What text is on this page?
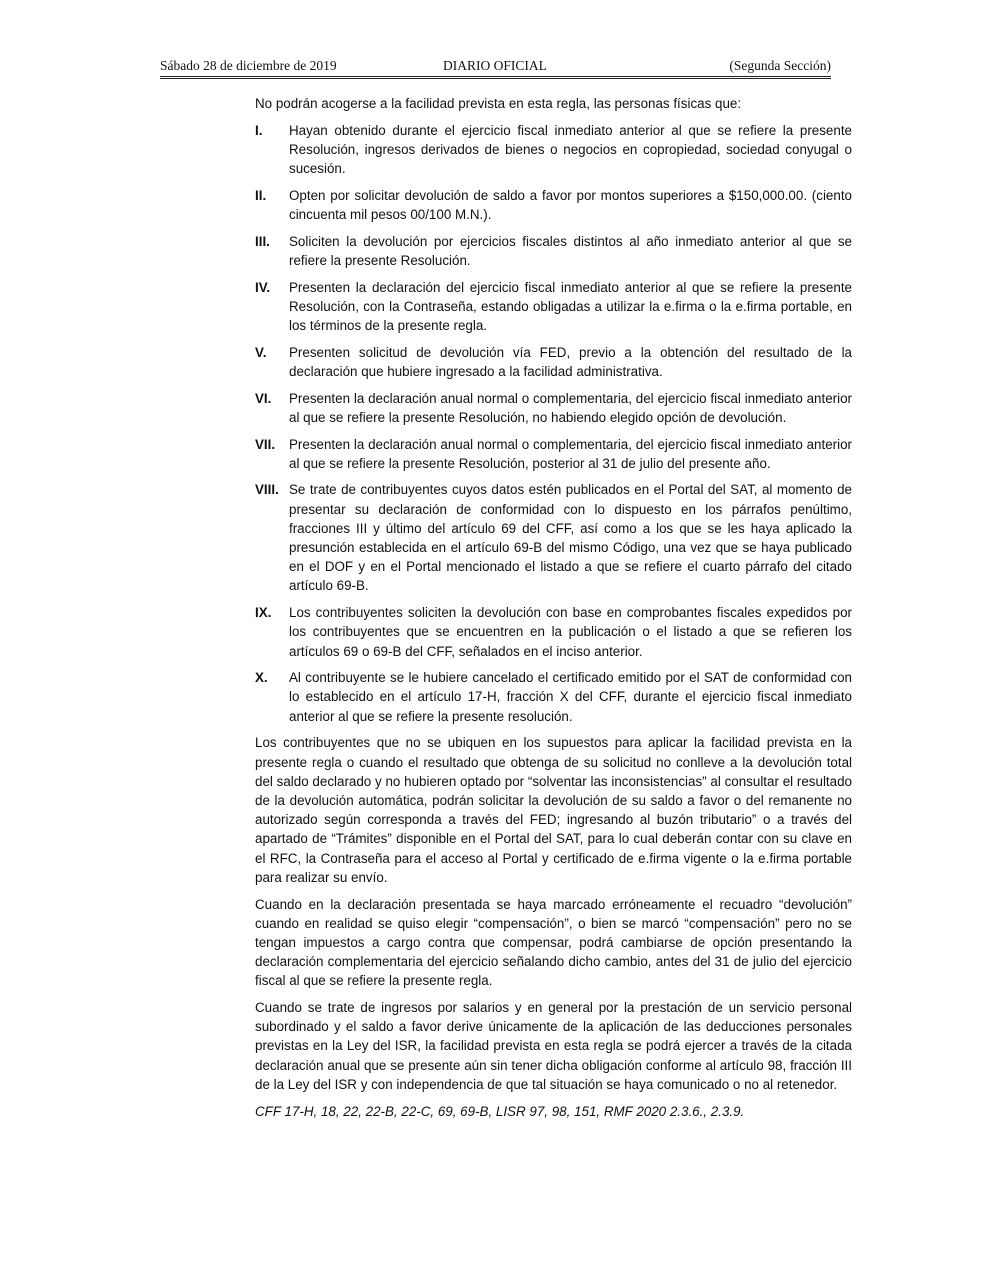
Sábado 28 de diciembre de 2019	DIARIO OFICIAL	(Segunda Sección)

No podrán acogerse a la facilidad prevista en esta regla, las personas físicas que:

I.	Hayan obtenido durante el ejercicio fiscal inmediato anterior al que se refiere la presente Resolución, ingresos derivados de bienes o negocios en copropiedad, sociedad conyugal o sucesión.
II.	Opten por solicitar devolución de saldo a favor por montos superiores a $150,000.00. (ciento cincuenta mil pesos 00/100 M.N.).
III.	Soliciten la devolución por ejercicios fiscales distintos al año inmediato anterior al que se refiere la presente Resolución.
IV.	Presenten la declaración del ejercicio fiscal inmediato anterior al que se refiere la presente Resolución, con la Contraseña, estando obligadas a utilizar la e.firma o la e.firma portable, en los términos de la presente regla.
V.	Presenten solicitud de devolución vía FED, previo a la obtención del resultado de la declaración que hubiere ingresado a la facilidad administrativa.
VI.	Presenten la declaración anual normal o complementaria, del ejercicio fiscal inmediato anterior al que se refiere la presente Resolución, no habiendo elegido opción de devolución.
VII.	Presenten la declaración anual normal o complementaria, del ejercicio fiscal inmediato anterior al que se refiere la presente Resolución, posterior al 31 de julio del presente año.
VIII. Se trate de contribuyentes cuyos datos estén publicados en el Portal del SAT, al momento de presentar su declaración de conformidad con lo dispuesto en los párrafos penúltimo, fracciones III y último del artículo 69 del CFF, así como a los que se les haya aplicado la presunción establecida en el artículo 69-B del mismo Código, una vez que se haya publicado en el DOF y en el Portal mencionado el listado a que se refiere el cuarto párrafo del citado artículo 69-B.
IX.	Los contribuyentes soliciten la devolución con base en comprobantes fiscales expedidos por los contribuyentes que se encuentren en la publicación o el listado a que se refieren los artículos 69 o 69-B del CFF, señalados en el inciso anterior.
X.	Al contribuyente se le hubiere cancelado el certificado emitido por el SAT de conformidad con lo establecido en el artículo 17-H, fracción X del CFF, durante el ejercicio fiscal inmediato anterior al que se refiere la presente resolución.

Los contribuyentes que no se ubiquen en los supuestos para aplicar la facilidad prevista en la presente regla o cuando el resultado que obtenga de su solicitud no conlleve a la devolución total del saldo declarado y no hubieren optado por “solventar las inconsistencias” al consultar el resultado de la devolución automática, podrán solicitar la devolución de su saldo a favor o del remanente no autorizado según corresponda a través del FED; ingresando al buzón tributario” o a través del apartado de “Trámites” disponible en el Portal del SAT, para lo cual deberán contar con su clave en el RFC, la Contraseña para el acceso al Portal y certificado de e.firma vigente o la e.firma portable para realizar su envío.

Cuando en la declaración presentada se haya marcado erróneamente el recuadro “devolución” cuando en realidad se quiso elegir “compensación”, o bien se marcó “compensación” pero no se tengan impuestos a cargo contra que compensar, podrá cambiarse de opción presentando la declaración complementaria del ejercicio señalando dicho cambio, antes del 31 de julio del ejercicio fiscal al que se refiere la presente regla.

Cuando se trate de ingresos por salarios y en general por la prestación de un servicio personal subordinado y el saldo a favor derive únicamente de la aplicación de las deducciones personales previstas en la Ley del ISR, la facilidad prevista en esta regla se podrá ejercer a través de la citada declaración anual que se presente aún sin tener dicha obligación conforme al artículo 98, fracción III de la Ley del ISR y con independencia de que tal situación se haya comunicado o no al retenedor.

CFF 17-H, 18, 22, 22-B, 22-C, 69, 69-B, LISR 97, 98, 151, RMF 2020 2.3.6., 2.3.9.
